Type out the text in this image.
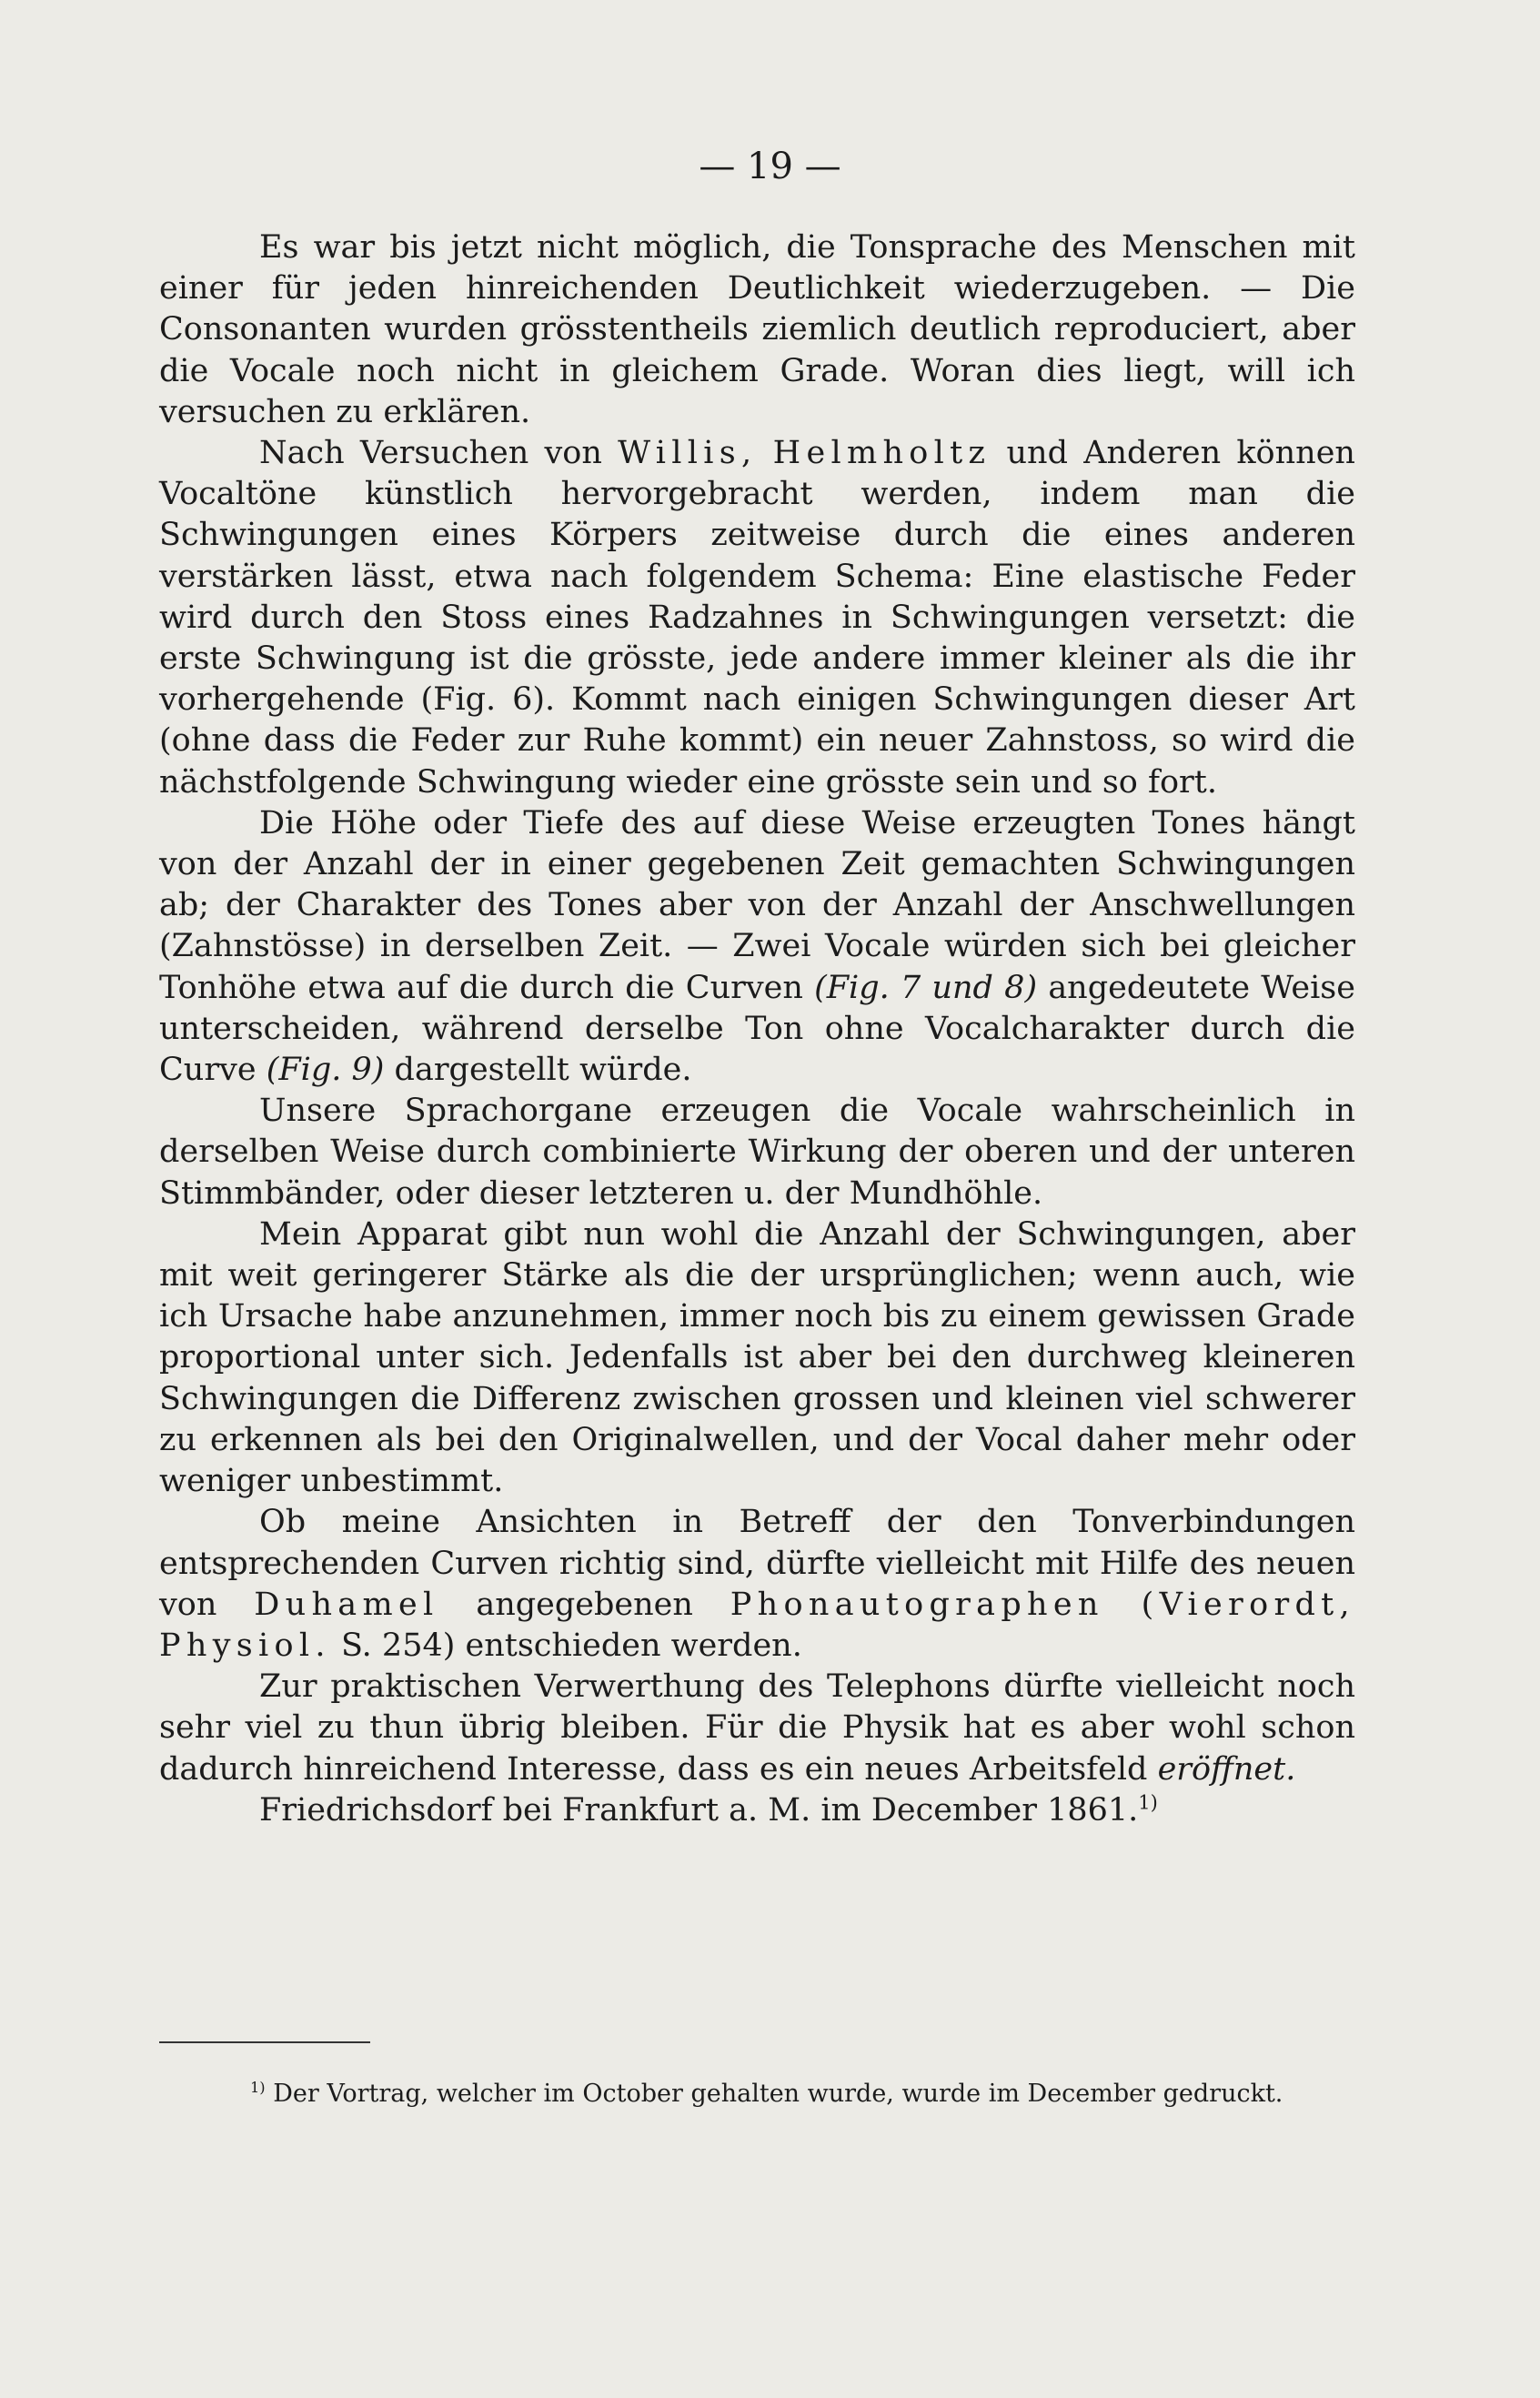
— 19 —

Es war bis jetzt nicht möglich, die Tonsprache des Menschen mit einer für jeden hinreichenden Deutlichkeit wiederzugeben. — Die Consonanten wurden grösstentheils ziemlich deutlich reproduciert, aber die Vocale noch nicht in gleichem Grade. Woran dies liegt, will ich versuchen zu erklären.

Nach Versuchen von Willis, Helmholtz und Anderen können Vocaltöne künstlich hervorgebracht werden, indem man die Schwingungen eines Körpers zeitweise durch die eines anderen verstärken lässt, etwa nach folgendem Schema: Eine elastische Feder wird durch den Stoss eines Radzahnes in Schwingungen versetzt: die erste Schwingung ist die grösste, jede andere immer kleiner als die ihr vorhergehende (Fig. 6). Kommt nach einigen Schwingungen dieser Art (ohne dass die Feder zur Ruhe kommt) ein neuer Zahnstoss, so wird die nächstfolgende Schwingung wieder eine grösste sein und so fort.

Die Höhe oder Tiefe des auf diese Weise erzeugten Tones hängt von der Anzahl der in einer gegebenen Zeit gemachten Schwingungen ab; der Charakter des Tones aber von der Anzahl der Anschwellungen (Zahnstösse) in derselben Zeit. — Zwei Vocale würden sich bei gleicher Tonhöhe etwa auf die durch die Curven (Fig. 7 und 8) angedeutete Weise unterscheiden, während derselbe Ton ohne Vocalcharakter durch die Curve (Fig. 9) dargestellt würde.

Unsere Sprachorgane erzeugen die Vocale wahrscheinlich in derselben Weise durch combinierte Wirkung der oberen und der unteren Stimmbänder, oder dieser letzteren u. der Mundhöhle.

Mein Apparat gibt nun wohl die Anzahl der Schwingungen, aber mit weit geringerer Stärke als die der ursprünglichen; wenn auch, wie ich Ursache habe anzunehmen, immer noch bis zu einem gewissen Grade proportional unter sich. Jedenfalls ist aber bei den durchweg kleineren Schwingungen die Differenz zwischen grossen und kleinen viel schwerer zu erkennen als bei den Originalwellen, und der Vocal daher mehr oder weniger unbestimmt.

Ob meine Ansichten in Betreff der den Tonverbindungen entsprechenden Curven richtig sind, dürfte vielleicht mit Hilfe des neuen von Duhamel angegebenen Phonautographen (Vierordt, Physiol. S. 254) entschieden werden.

Zur praktischen Verwerthung des Telephons dürfte vielleicht noch sehr viel zu thun übrig bleiben. Für die Physik hat es aber wohl schon dadurch hinreichend Interesse, dass es ein neues Arbeitsfeld eröffnet.

Friedrichsdorf bei Frankfurt a. M. im December 1861.$^{1)}$

$^{1)}$ Der Vortrag, welcher im October gehalten wurde, wurde im December gedruckt.
